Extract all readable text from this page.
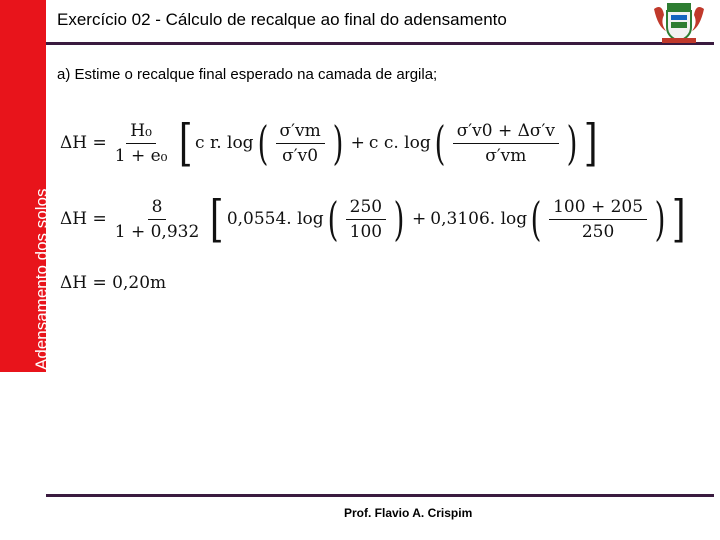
Adensamento dos solos
Exercício 02 - Cálculo de recalque ao final do adensamento
a) Estime o recalque final esperado na camada de argila;
$\Delta H = \frac{\text{H₀}}{\text{1 + e₀}}$ [ c r. log ( $\frac{\sigma'vm}{\sigma'v0}$ ) + c c. log ( $\frac{\sigma'v0 + \Delta\sigma'v}{\sigma'vm}$ ) ]
$\Delta H = \frac{8}{1 + 0,932}$ [ 0,0554. log ( $\frac{250}{100}$ ) + 0,3106. log ( $\frac{100 + 205}{250}$ ) ]
ΔH = 0,20m
Prof. Flavio A. Crispim
